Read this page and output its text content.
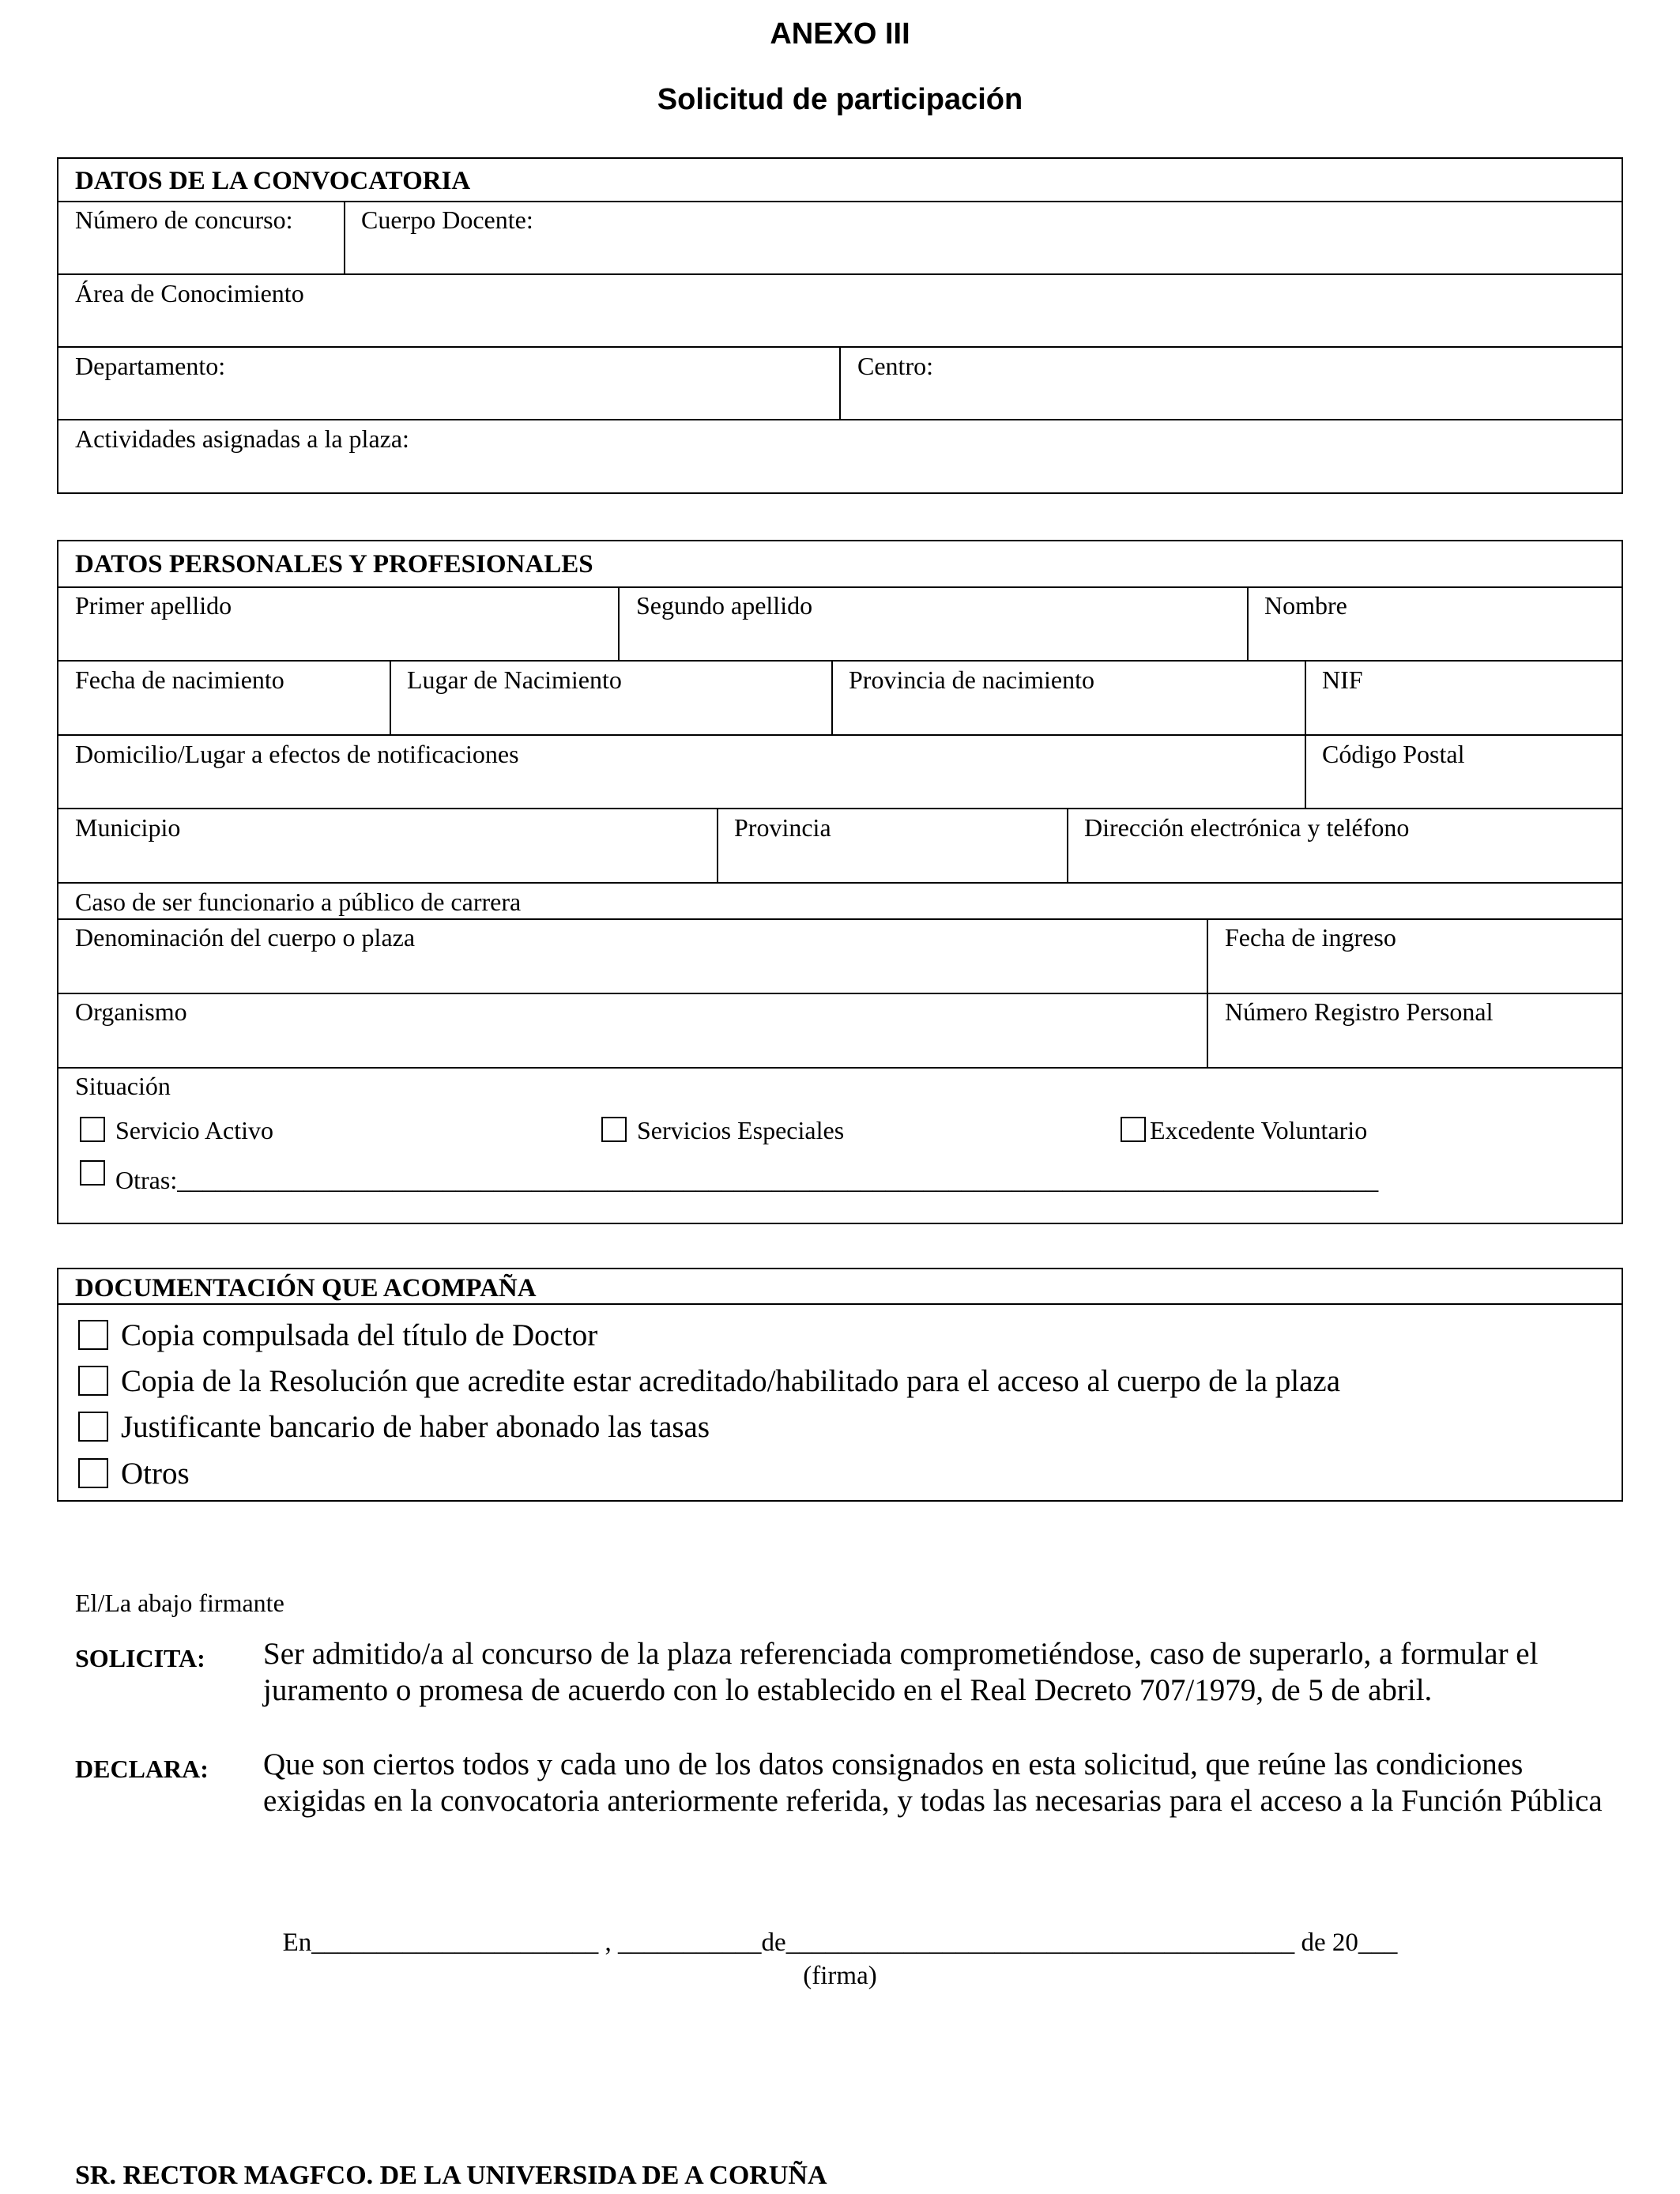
ANEXO III
Solicitud de participación
DATOS DE LA CONVOCATORIA
Número de concurso:	Cuerpo Docente:
Área de Conocimiento
Departamento:	Centro:
Actividades asignadas a la plaza:
DATOS PERSONALES Y PROFESIONALES
Primer apellido	Segundo apellido	Nombre
Fecha de nacimiento	Lugar de Nacimiento	Provincia de nacimiento	NIF
Domicilio/Lugar a efectos de notificaciones	Código Postal
Municipio	Provincia	Dirección electrónica y teléfono
Caso de ser funcionario a público de carrera
Denominación del cuerpo o plaza	Fecha de ingreso
Organismo	Número Registro Personal
Situación
Servicio Activo	Servicios Especiales	Excedente Voluntario
Otras:_______________________________________________________________________________________________
DOCUMENTACIÓN QUE ACOMPAÑA
Copia compulsada del título de Doctor
Copia de la Resolución que acredite estar acreditado/habilitado para el acceso al cuerpo de la plaza
Justificante bancario de haber abonado las tasas
Otros
El/La abajo firmante
SOLICITA: Ser admitido/a al concurso de la plaza referenciada comprometiéndose, caso de superarlo, a formular el juramento o promesa de acuerdo con lo establecido en el Real Decreto 707/1979, de 5 de abril.
DECLARA: Que son ciertos todos y cada uno de los datos consignados en esta solicitud, que reúne las condiciones exigidas en la convocatoria anteriormente referida, y todas las necesarias para el acceso a la Función Pública
En______________________ , ___________de_______________________________________ de 20___
(firma)
SR. RECTOR MAGFCO. DE LA UNIVERSIDA DE A CORUÑA
